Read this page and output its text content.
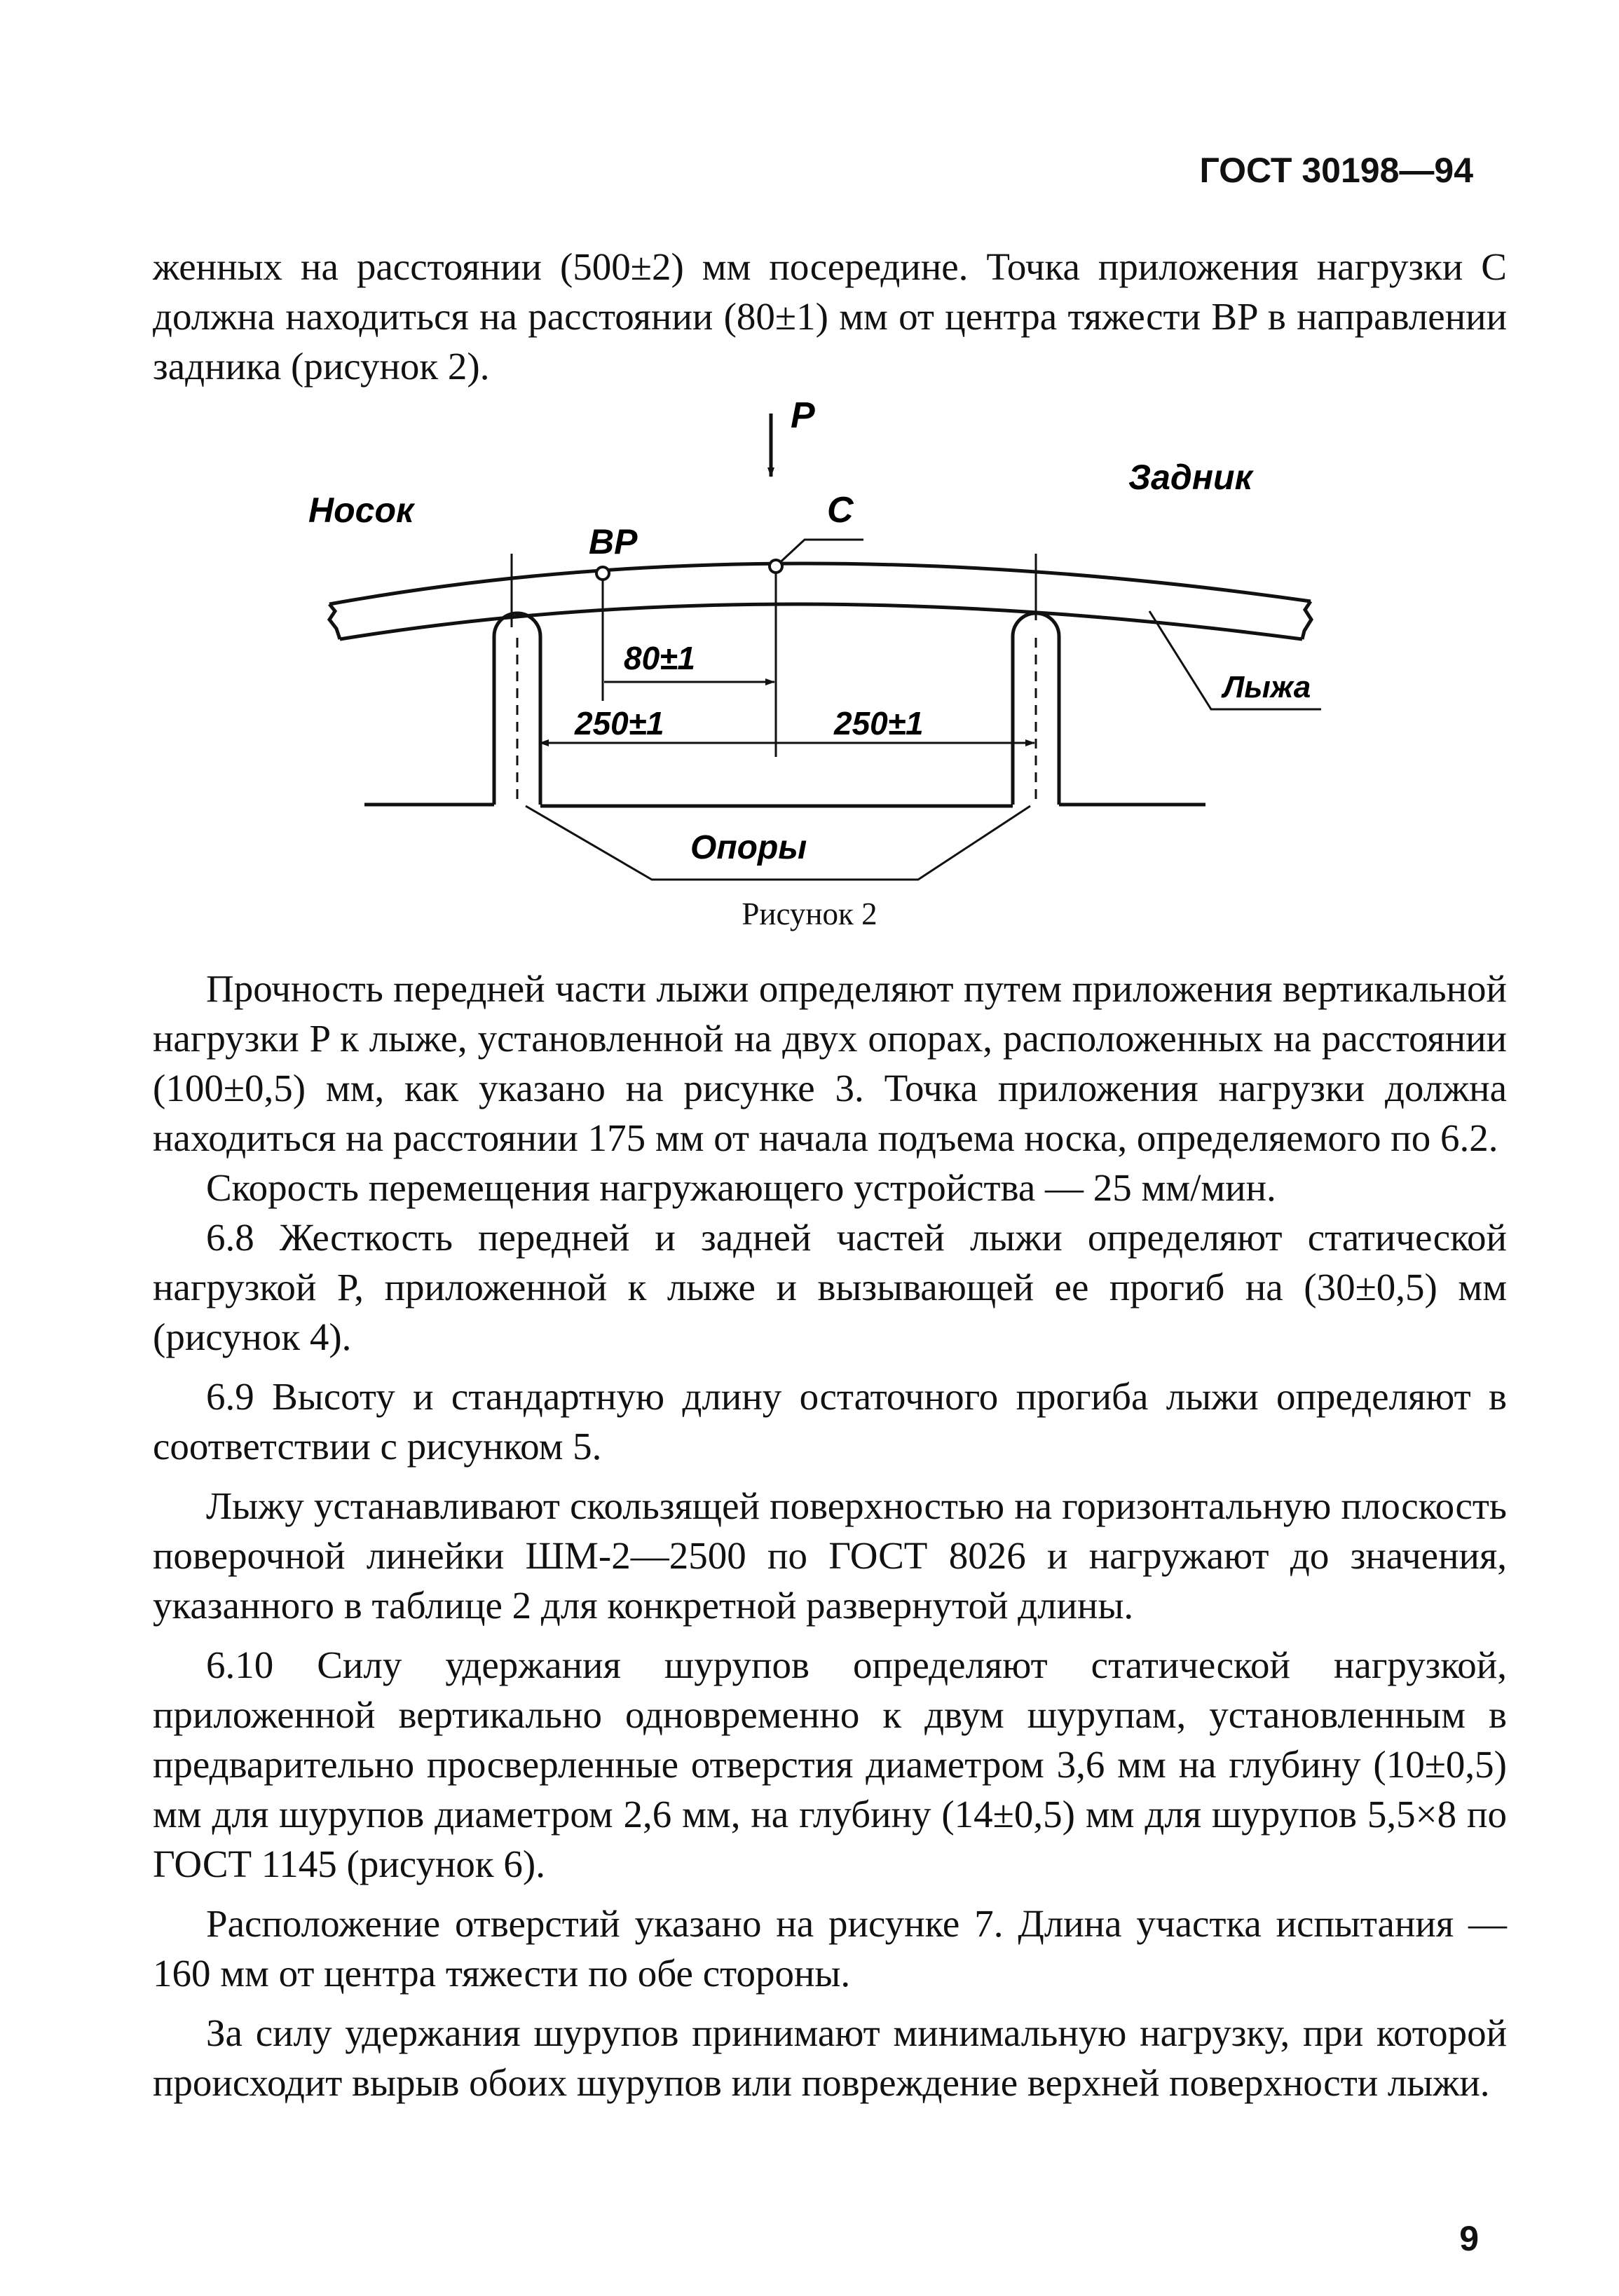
ГОСТ 30198—94

женных на расстоянии (500±2) мм посередине. Точка приложения нагрузки C должна находиться на расстоянии (80±1) мм от центра тяжести BP в направлении задника (рисунок 2).

P
C
Задник
Носок
BP
80±1
250±1	250±1
Лыжа
Опоры
Рисунок 2

Прочность передней части лыжи определяют путем приложения вертикальной нагрузки P к лыже, установленной на двух опорах, расположенных на расстоянии (100±0,5) мм, как указано на рисунке 3. Точка приложения нагрузки должна находиться на расстоянии 175 мм от начала подъема носка, определяемого по 6.2.

Скорость перемещения нагружающего устройства — 25 мм/мин.

6.8 Жесткость передней и задней частей лыжи определяют статической нагрузкой P, приложенной к лыже и вызывающей ее прогиб на (30±0,5) мм (рисунок 4).

6.9 Высоту и стандартную длину остаточного прогиба лыжи определяют в соответствии с рисунком 5.

Лыжу устанавливают скользящей поверхностью на горизонтальную плоскость поверочной линейки ШМ-2—2500 по ГОСТ 8026 и нагружают до значения, указанного в таблице 2 для конкретной развернутой длины.

6.10 Силу удержания шурупов определяют статической нагрузкой, приложенной вертикально одновременно к двум шурупам, установленным в предварительно просверленные отверстия диаметром 3,6 мм на глубину (10±0,5) мм для шурупов диаметром 2,6 мм, на глубину (14±0,5) мм для шурупов 5,5×8 по ГОСТ 1145 (рисунок 6).

Расположение отверстий указано на рисунке 7. Длина участка испытания — 160 мм от центра тяжести по обе стороны.

За силу удержания шурупов принимают минимальную нагрузку, при которой происходит вырыв обоих шурупов или повреждение верхней поверхности лыжи.

9
